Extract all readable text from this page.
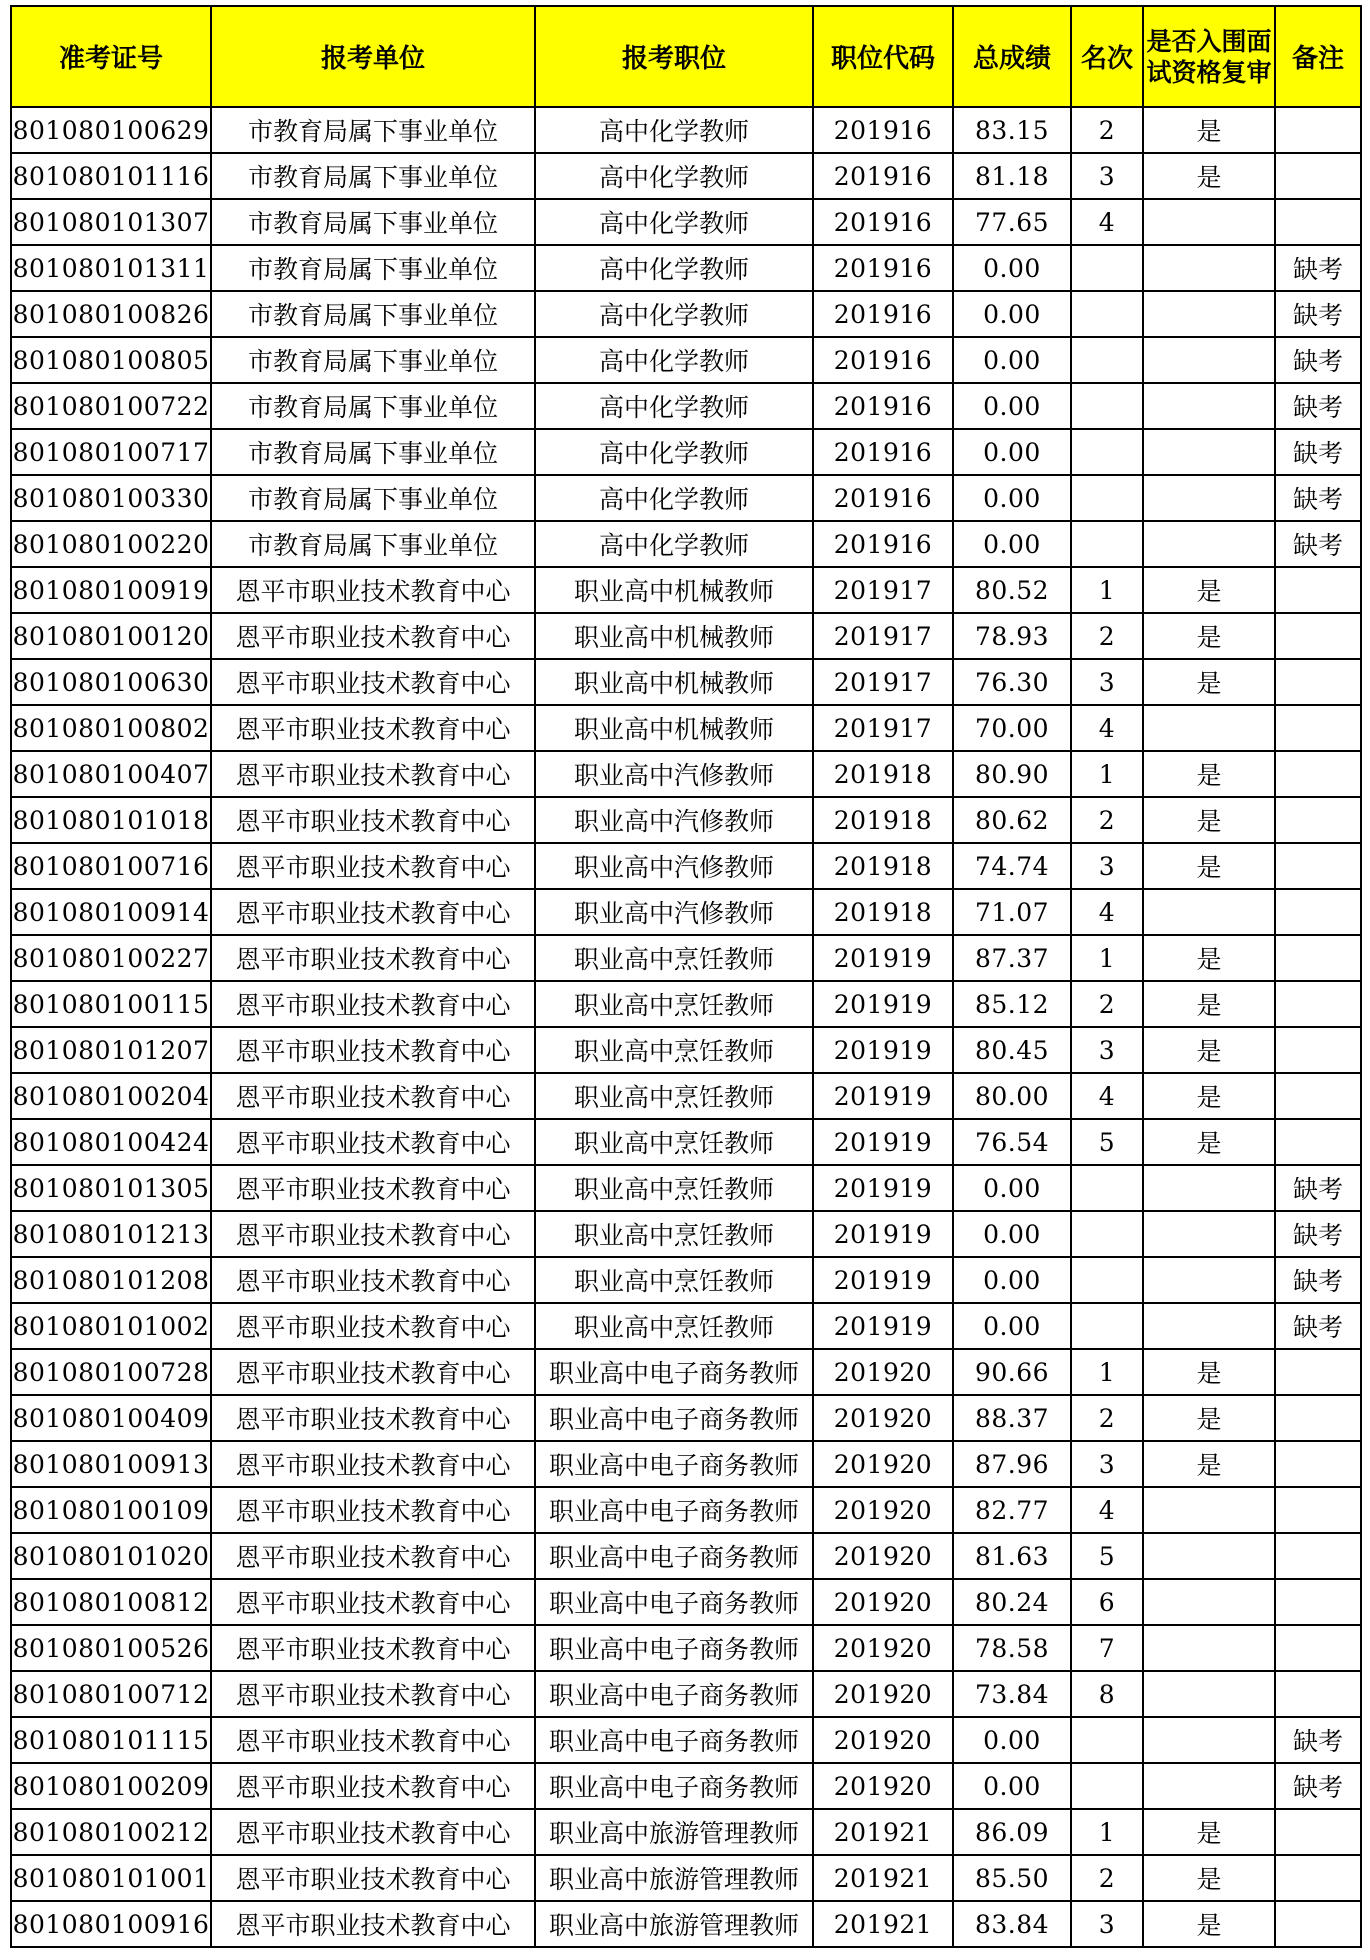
准考证号	报考单位	报考职位	职位代码	总成绩	名次	是否入围面试资格复审	备注
801080100629	市教育局属下事业单位	高中化学教师	201916	83.15	2	是	
801080101116	市教育局属下事业单位	高中化学教师	201916	81.18	3	是	
801080101307	市教育局属下事业单位	高中化学教师	201916	77.65	4		
801080101311	市教育局属下事业单位	高中化学教师	201916	0.00			缺考
801080100826	市教育局属下事业单位	高中化学教师	201916	0.00			缺考
801080100805	市教育局属下事业单位	高中化学教师	201916	0.00			缺考
801080100722	市教育局属下事业单位	高中化学教师	201916	0.00			缺考
801080100717	市教育局属下事业单位	高中化学教师	201916	0.00			缺考
801080100330	市教育局属下事业单位	高中化学教师	201916	0.00			缺考
801080100220	市教育局属下事业单位	高中化学教师	201916	0.00			缺考
801080100919	恩平市职业技术教育中心	职业高中机械教师	201917	80.52	1	是	
801080100120	恩平市职业技术教育中心	职业高中机械教师	201917	78.93	2	是	
801080100630	恩平市职业技术教育中心	职业高中机械教师	201917	76.30	3	是	
801080100802	恩平市职业技术教育中心	职业高中机械教师	201917	70.00	4		
801080100407	恩平市职业技术教育中心	职业高中汽修教师	201918	80.90	1	是	
801080101018	恩平市职业技术教育中心	职业高中汽修教师	201918	80.62	2	是	
801080100716	恩平市职业技术教育中心	职业高中汽修教师	201918	74.74	3	是	
801080100914	恩平市职业技术教育中心	职业高中汽修教师	201918	71.07	4		
801080100227	恩平市职业技术教育中心	职业高中烹饪教师	201919	87.37	1	是	
801080100115	恩平市职业技术教育中心	职业高中烹饪教师	201919	85.12	2	是	
801080101207	恩平市职业技术教育中心	职业高中烹饪教师	201919	80.45	3	是	
801080100204	恩平市职业技术教育中心	职业高中烹饪教师	201919	80.00	4	是	
801080100424	恩平市职业技术教育中心	职业高中烹饪教师	201919	76.54	5	是	
801080101305	恩平市职业技术教育中心	职业高中烹饪教师	201919	0.00			缺考
801080101213	恩平市职业技术教育中心	职业高中烹饪教师	201919	0.00			缺考
801080101208	恩平市职业技术教育中心	职业高中烹饪教师	201919	0.00			缺考
801080101002	恩平市职业技术教育中心	职业高中烹饪教师	201919	0.00			缺考
801080100728	恩平市职业技术教育中心	职业高中电子商务教师	201920	90.66	1	是	
801080100409	恩平市职业技术教育中心	职业高中电子商务教师	201920	88.37	2	是	
801080100913	恩平市职业技术教育中心	职业高中电子商务教师	201920	87.96	3	是	
801080100109	恩平市职业技术教育中心	职业高中电子商务教师	201920	82.77	4		
801080101020	恩平市职业技术教育中心	职业高中电子商务教师	201920	81.63	5		
801080100812	恩平市职业技术教育中心	职业高中电子商务教师	201920	80.24	6		
801080100526	恩平市职业技术教育中心	职业高中电子商务教师	201920	78.58	7		
801080100712	恩平市职业技术教育中心	职业高中电子商务教师	201920	73.84	8		
801080101115	恩平市职业技术教育中心	职业高中电子商务教师	201920	0.00			缺考
801080100209	恩平市职业技术教育中心	职业高中电子商务教师	201920	0.00			缺考
801080100212	恩平市职业技术教育中心	职业高中旅游管理教师	201921	86.09	1	是	
801080101001	恩平市职业技术教育中心	职业高中旅游管理教师	201921	85.50	2	是	
801080100916	恩平市职业技术教育中心	职业高中旅游管理教师	201921	83.84	3	是	
